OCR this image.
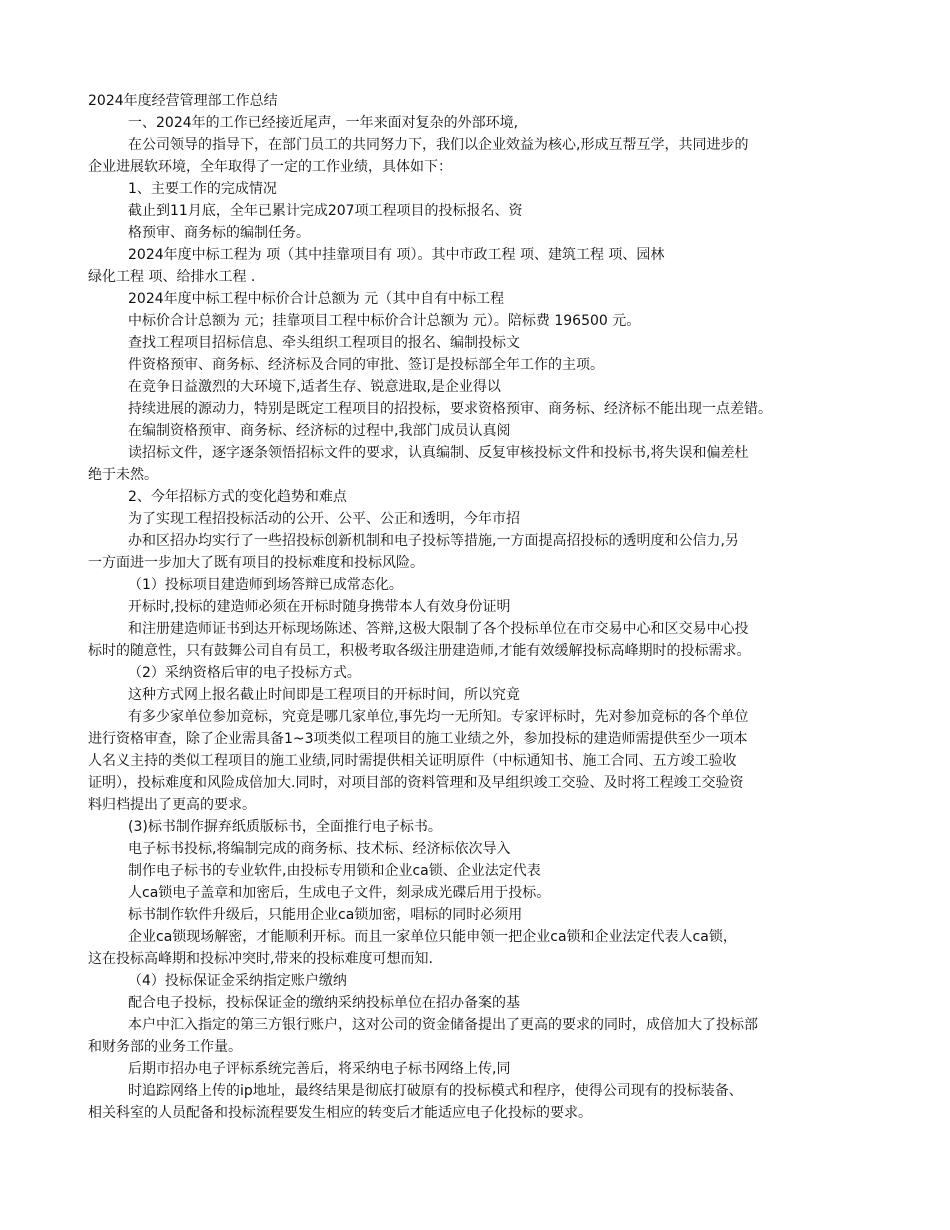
2024年度经营管理部工作总结
一、2024年的工作已经接近尾声，一年来面对复杂的外部环境,
在公司领导的指导下，在部门员工的共同努力下，我们以企业效益为核心,形成互帮互学，共同进步的
企业进展软环境，全年取得了一定的工作业绩，具体如下：
1、主要工作的完成情况
截止到11月底，全年已累计完成207项工程项目的投标报名、资
格预审、商务标的编制任务。
2024年度中标工程为 项（其中挂靠项目有 项）。其中市政工程 项、建筑工程 项、园林
绿化工程 项、给排水工程 .
2024年度中标工程中标价合计总额为 元（其中自有中标工程
中标价合计总额为 元；挂靠项目工程中标价合计总额为 元）。陪标费 196500 元。
查找工程项目招标信息、牵头组织工程项目的报名、编制投标文
件资格预审、商务标、经济标及合同的审批、签订是投标部全年工作的主项。
在竞争日益激烈的大环境下,适者生存、锐意进取,是企业得以
持续进展的源动力，特别是既定工程项目的招投标，要求资格预审、商务标、经济标不能出现一点差错。
在编制资格预审、商务标、经济标的过程中,我部门成员认真阅
读招标文件，逐字逐条领悟招标文件的要求，认真编制、反复审核投标文件和投标书,将失误和偏差杜
绝于未然。
2、今年招标方式的变化趋势和难点
为了实现工程招投标活动的公开、公平、公正和透明，今年市招
办和区招办均实行了一些招投标创新机制和电子投标等措施,一方面提高招投标的透明度和公信力,另
一方面进一步加大了既有项目的投标难度和投标风险。
（1）投标项目建造师到场答辩已成常态化。
开标时,投标的建造师必须在开标时随身携带本人有效身份证明
和注册建造师证书到达开标现场陈述、答辩,这极大限制了各个投标单位在市交易中心和区交易中心投
标时的随意性，只有鼓舞公司自有员工，积极考取各级注册建造师,才能有效缓解投标高峰期时的投标需求。
（2）采纳资格后审的电子投标方式。
这种方式网上报名截止时间即是工程项目的开标时间，所以究竟
有多少家单位参加竞标，究竟是哪几家单位,事先均一无所知。专家评标时，先对参加竞标的各个单位
进行资格审查，除了企业需具备1~3项类似工程项目的施工业绩之外，参加投标的建造师需提供至少一项本
人名义主持的类似工程项目的施工业绩,同时需提供相关证明原件（中标通知书、施工合同、五方竣工验收
证明），投标难度和风险成倍加大.同时，对项目部的资料管理和及早组织竣工交验、及时将工程竣工交验资
料归档提出了更高的要求。
(3)标书制作摒弃纸质版标书，全面推行电子标书。
电子标书投标,将编制完成的商务标、技术标、经济标依次导入
制作电子标书的专业软件,由投标专用锁和企业ca锁、企业法定代表
人ca锁电子盖章和加密后，生成电子文件，刻录成光碟后用于投标。
标书制作软件升级后，只能用企业ca锁加密，唱标的同时必须用
企业ca锁现场解密，才能顺利开标。而且一家单位只能申领一把企业ca锁和企业法定代表人ca锁，
这在投标高峰期和投标冲突时,带来的投标难度可想而知.
（4）投标保证金采纳指定账户缴纳
配合电子投标，投标保证金的缴纳采纳投标单位在招办备案的基
本户中汇入指定的第三方银行账户，这对公司的资金储备提出了更高的要求的同时，成倍加大了投标部
和财务部的业务工作量。
后期市招办电子评标系统完善后，将采纳电子标书网络上传,同
时追踪网络上传的ip地址，最终结果是彻底打破原有的投标模式和程序，使得公司现有的投标装备、
相关科室的人员配备和投标流程要发生相应的转变后才能适应电子化投标的要求。
